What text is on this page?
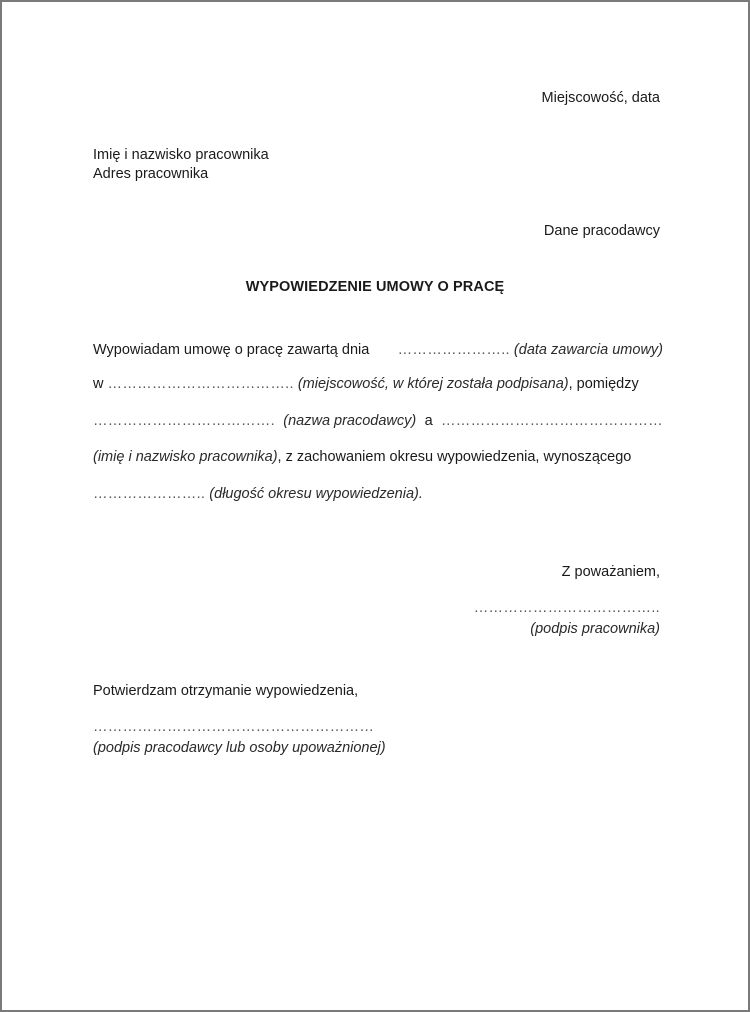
Miejscowość, data
Imię i nazwisko pracownika
Adres pracownika
Dane pracodawcy
WYPOWIEDZENIE UMOWY O PRACĘ
Wypowiadam umowę o pracę zawartą dnia ………………….. (data zawarcia umowy)
w ……………………………….. (miejscowość, w której została podpisana), pomiędzy
………………………………. (nazwa pracodawcy) a ………………………………………
(imię i nazwisko pracownika), z zachowaniem okresu wypowiedzenia, wynoszącego
………………….. (długość okresu wypowiedzenia).
Z poważaniem,
………………………………..
(podpis pracownika)
Potwierdzam otrzymanie wypowiedzenia,
…………………………………………………
(podpis pracodawcy lub osoby upoważnionej)
